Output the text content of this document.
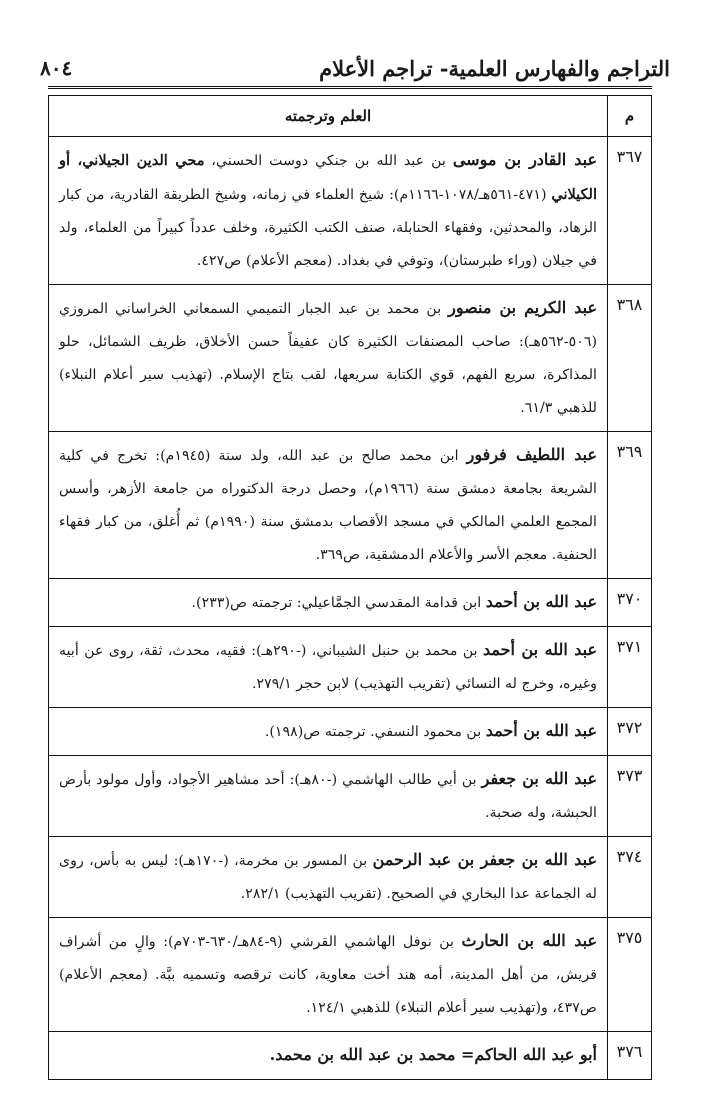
التراجم والفهارس العلمية- تراجم الأعلام
٨٠٤
م	العلم وترجمته
٣٦٧	عبد القادر بن موسى بن عبد الله بن جنكي دوست الحسني، محي الدين الجيلاني، أو الكيلاني (٤٧١-٥٦١هـ/١٠٧٨-١١٦٦م): شيخ العلماء في زمانه، وشيخ الطريقة القادرية، من كبار الزهاد، والمحدثين، وفقهاء الحنابلة، صنف الكتب الكثيرة، وخلف عدداً كبيراً من العلماء، ولد في جيلان (وراء طبرستان)، وتوفي في بغداد. (معجم الأعلام) ص٤٢٧.
٣٦٨	عبد الكريم بن منصور بن محمد بن عبد الجبار التميمي السمعاني الخراساني المروزي (٥٠٦-٥٦٢هـ): صاحب المصنفات الكثيرة كان عفيفاً حسن الأخلاق، ظريف الشمائل، حلو المذاكرة، سريع الفهم، قوي الكتابة سريعها، لقب بتاج الإسلام. (تهذيب سير أعلام النبلاء) للذهبي ٦١/٣.
٣٦٩	عبد اللطيف فرفور ابن محمد صالح بن عبد الله، ولد سنة (١٩٤٥م): تخرج في كلية الشريعة بجامعة دمشق سنة (١٩٦٦م)، وحصل درجة الدكتوراه من جامعة الأزهر، وأسس المجمع العلمي المالكي في مسجد الأقصاب بدمشق سنة (١٩٩٠م) ثم أُغلق، من كبار فقهاء الحنفية. معجم الأسر والأعلام الدمشقية، ص٣٦٩.
٣٧٠	عبد الله بن أحمد ابن قدامة المقدسي الجمَّاعيلي: ترجمته ص(٢٣٣).
٣٧١	عبد الله بن أحمد بن محمد بن حنبل الشيباني، (-٢٩٠هـ): فقيه، محدث، ثقة، روى عن أبيه وغيره، وخرج له النسائي (تقريب التهذيب) لابن حجر ٢٧٩/١.
٣٧٢	عبد الله بن أحمد بن محمود النسفي. ترجمته ص(١٩٨).
٣٧٣	عبد الله بن جعفر بن أبي طالب الهاشمي (-٨٠هـ): أحد مشاهير الأجواد، وأول مولود بأرض الحبشة، وله صحبة.
٣٧٤	عبد الله بن جعفر بن عبد الرحمن بن المسور بن مخرمة، (-١٧٠هـ): ليس به بأس، روى له الجماعة عدا البخاري في الصحيح. (تقريب التهذيب) ٢٨٢/١.
٣٧٥	عبد الله بن الحارث بن نوفل الهاشمي القرشي (٩-٨٤هـ/٦٣٠-٧٠٣م): والٍ من أشراف قريش، من أهل المدينة، أمه هند أخت معاوية، كانت ترقصه وتسميه ببَّة. (معجم الأعلام) ص٤٣٧، و(تهذيب سير أعلام النبلاء) للذهبي ١٢٤/١.
٣٧٦	أبو عبد الله الحاكم= محمد بن عبد الله بن محمد.
